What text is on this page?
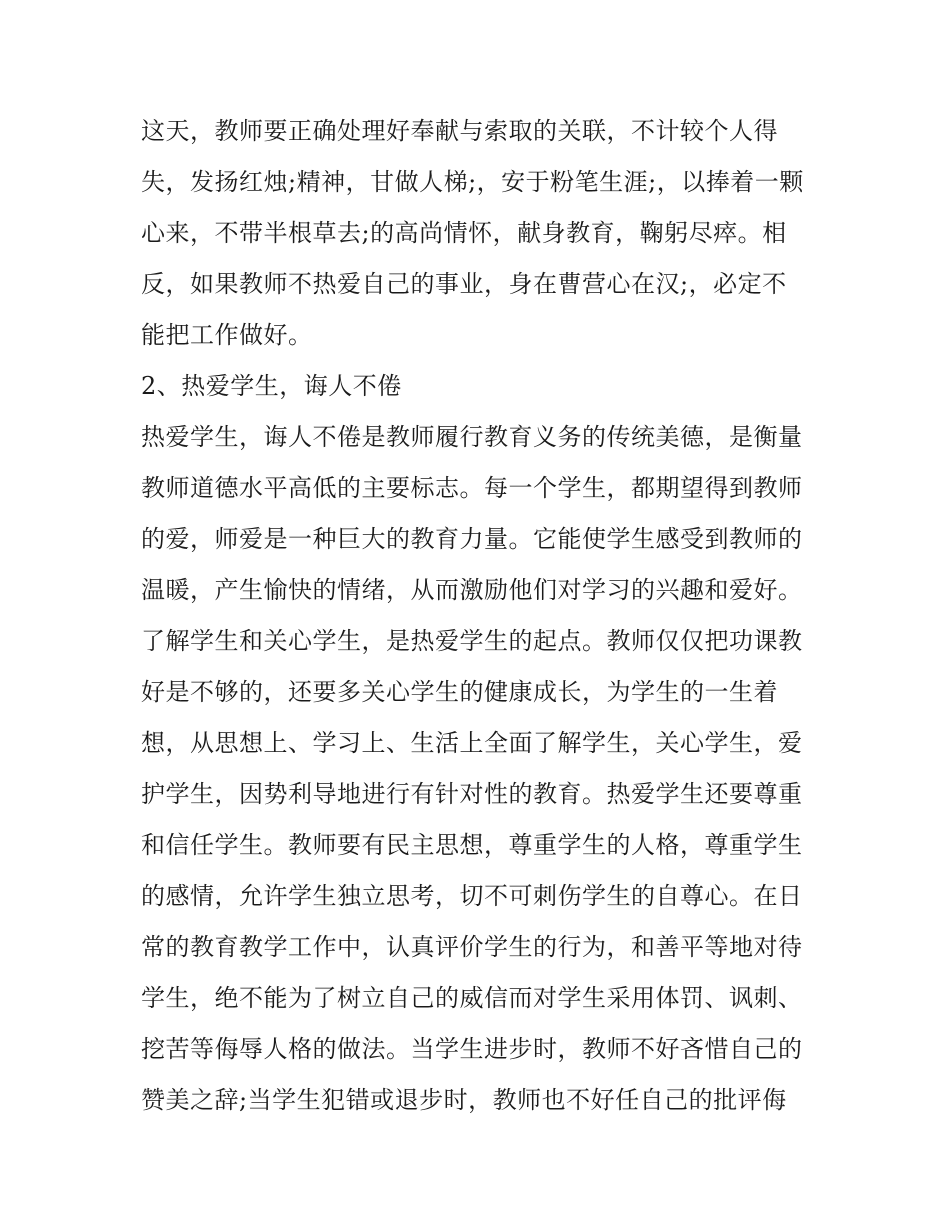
这天，教师要正确处理好奉献与索取的关联，不计较个人得
失，发扬红烛;精神，甘做人梯;，安于粉笔生涯;，以捧着一颗
心来，不带半根草去;的高尚情怀，献身教育，鞠躬尽瘁。相
反，如果教师不热爱自己的事业，身在曹营心在汉;，必定不
能把工作做好。
2、热爱学生，诲人不倦
热爱学生，诲人不倦是教师履行教育义务的传统美德，是衡量
教师道德水平高低的主要标志。每一个学生，都期望得到教师
的爱，师爱是一种巨大的教育力量。它能使学生感受到教师的
温暖，产生愉快的情绪，从而激励他们对学习的兴趣和爱好。
了解学生和关心学生，是热爱学生的起点。教师仅仅把功课教
好是不够的，还要多关心学生的健康成长，为学生的一生着
想，从思想上、学习上、生活上全面了解学生，关心学生，爱
护学生，因势利导地进行有针对性的教育。热爱学生还要尊重
和信任学生。教师要有民主思想，尊重学生的人格，尊重学生
的感情，允许学生独立思考，切不可刺伤学生的自尊心。在日
常的教育教学工作中，认真评价学生的行为，和善平等地对待
学生，绝不能为了树立自己的威信而对学生采用体罚、讽刺、
挖苦等侮辱人格的做法。当学生进步时，教师不好吝惜自己的
赞美之辞;当学生犯错或退步时，教师也不好任自己的批评侮
